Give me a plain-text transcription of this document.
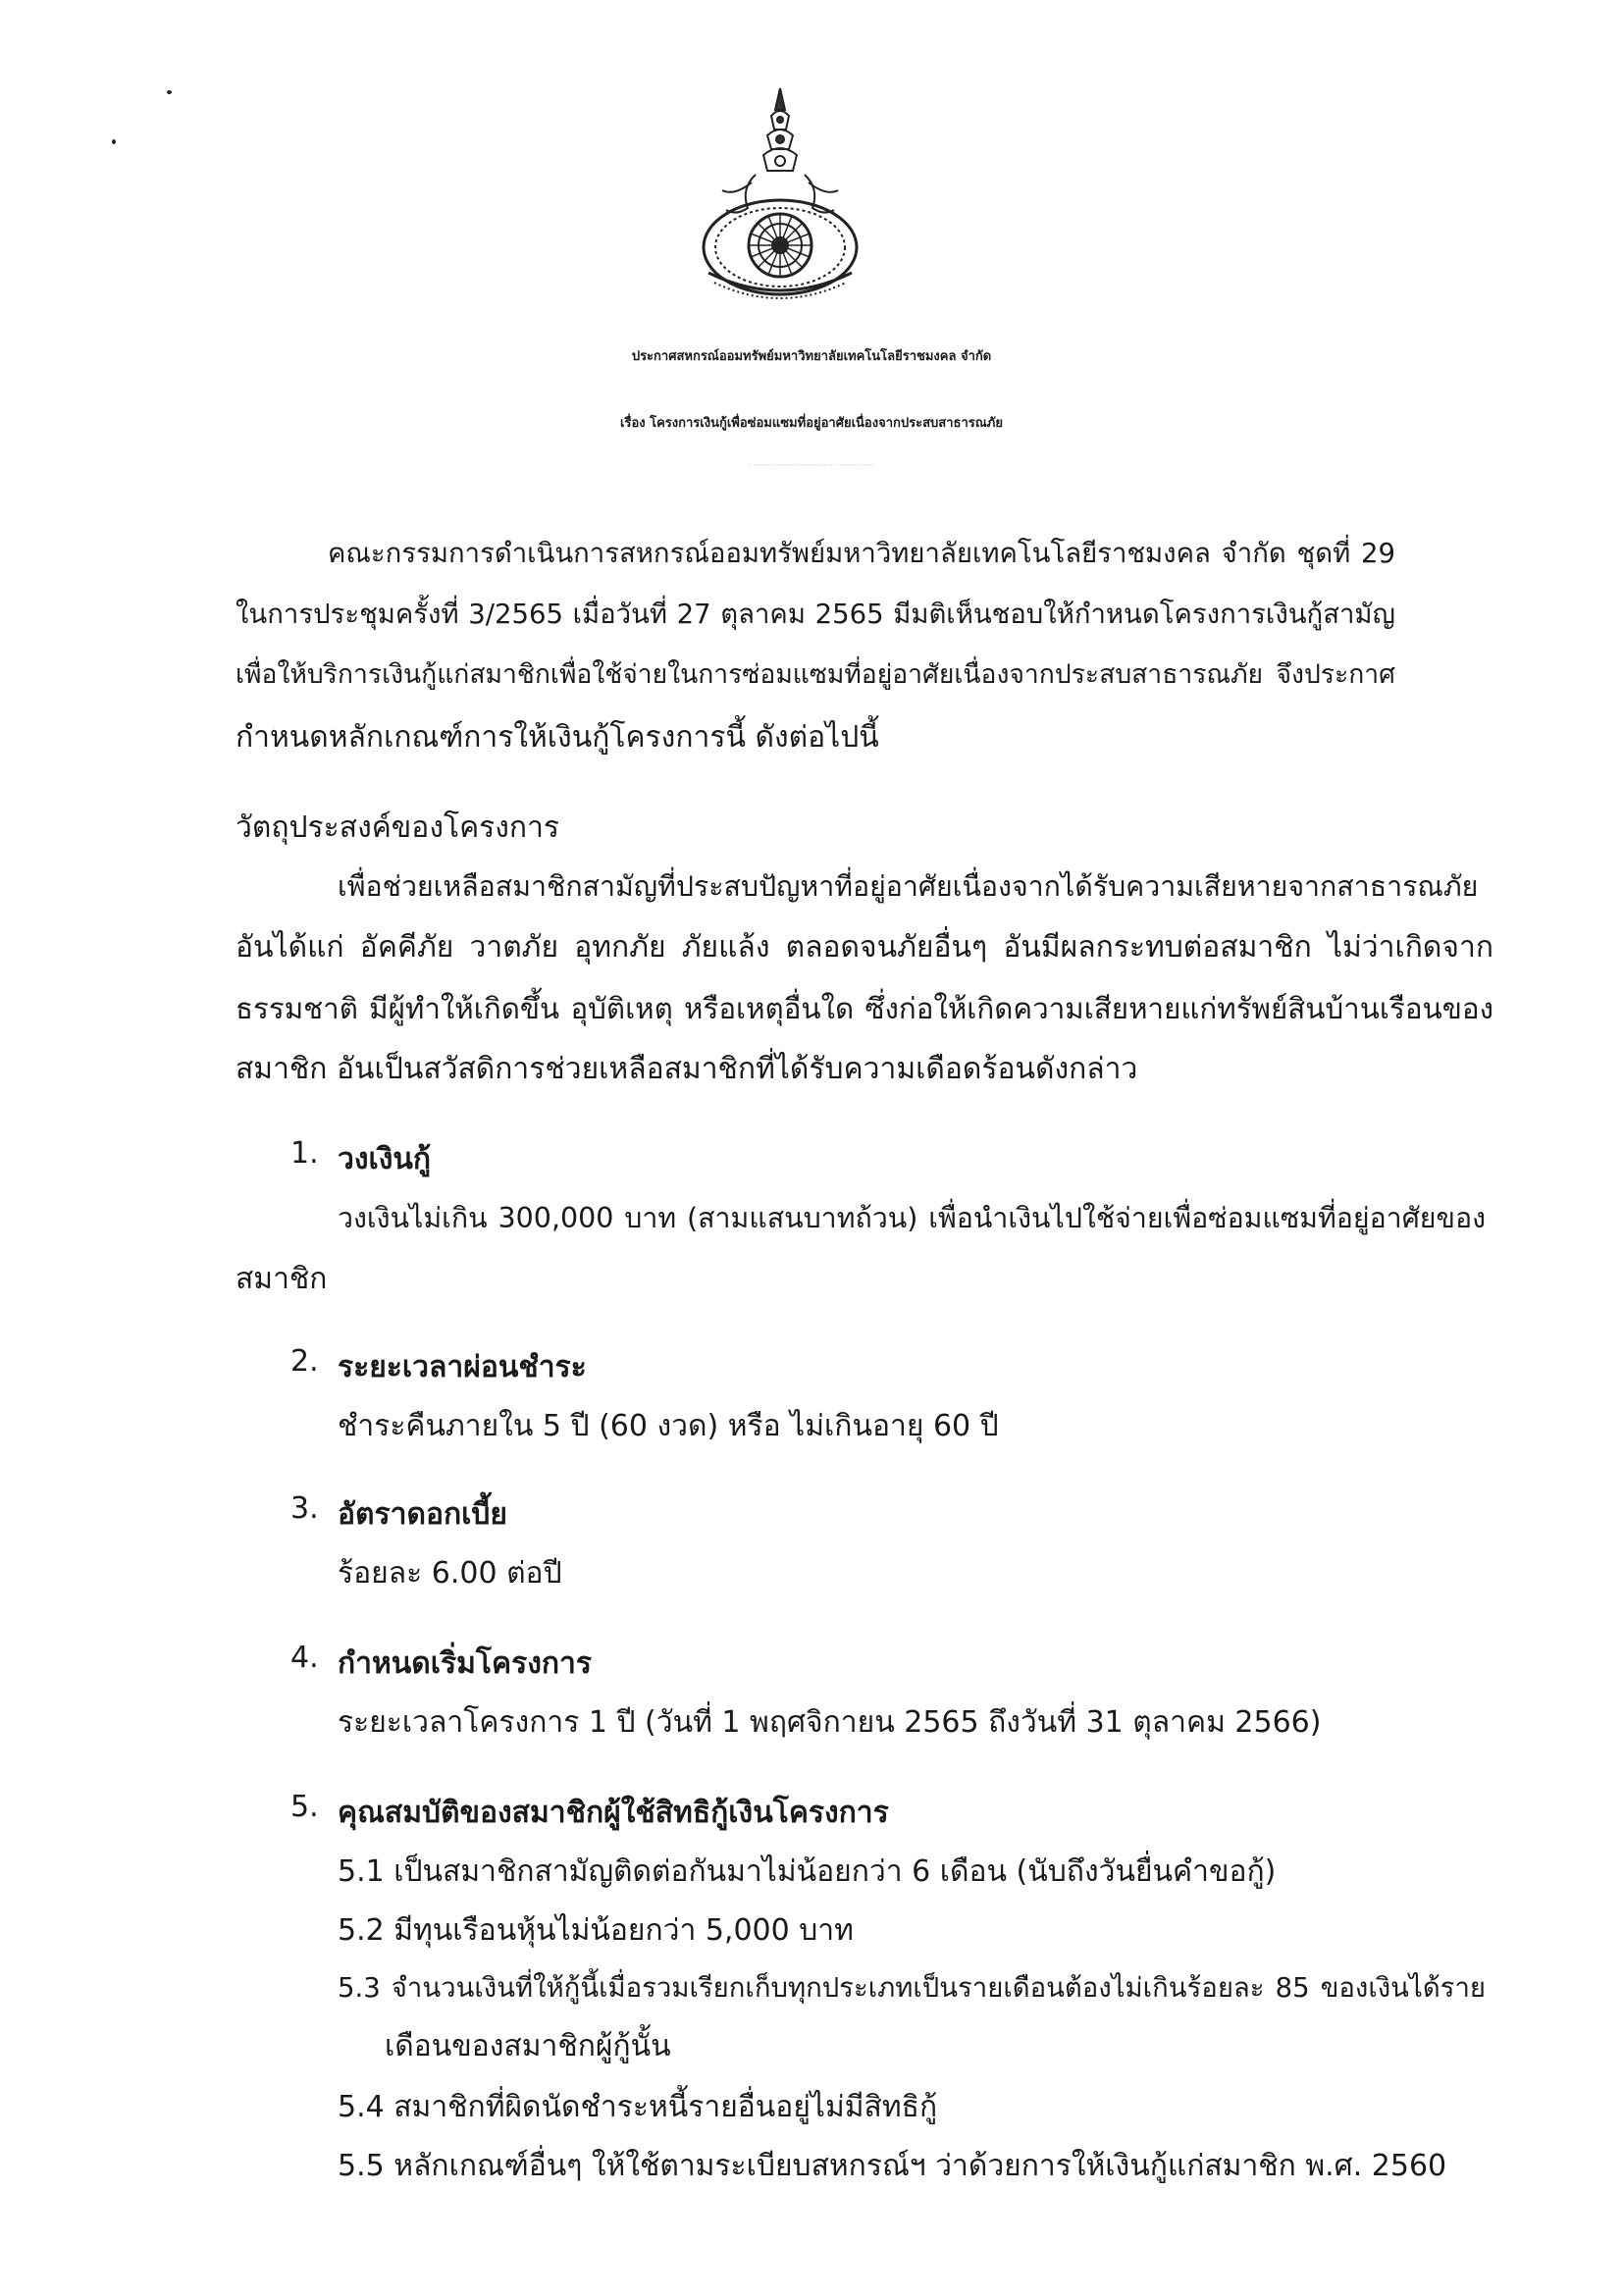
ประกาศสหกรณ์ออมทรัพย์มหาวิทยาลัยเทคโนโลยีราชมงคล จำกัด
เรื่อง โครงการเงินกู้เพื่อซ่อมแซมที่อยู่อาศัยเนื่องจากประสบสาธารณภัย
**********************************************************
คณะกรรมการดำเนินการสหกรณ์ออมทรัพย์มหาวิทยาลัยเทคโนโลยีราชมงคล จำกัด ชุดที่ 29
ในการประชุมครั้งที่ 3/2565 เมื่อวันที่ 27 ตุลาคม 2565 มีมติเห็นชอบให้กำหนดโครงการเงินกู้สามัญ
เพื่อให้บริการเงินกู้แก่สมาชิกเพื่อใช้จ่ายในการซ่อมแซมที่อยู่อาศัยเนื่องจากประสบสาธารณภัย จึงประกาศ
กำหนดหลักเกณฑ์การให้เงินกู้โครงการนี้ ดังต่อไปนี้
วัตถุประสงค์ของโครงการ
เพื่อช่วยเหลือสมาชิกสามัญที่ประสบปัญหาที่อยู่อาศัยเนื่องจากได้รับความเสียหายจากสาธารณภัย
อันได้แก่ อัคคีภัย วาตภัย อุทกภัย ภัยแล้ง ตลอดจนภัยอื่นๆ อันมีผลกระทบต่อสมาชิก ไม่ว่าเกิดจาก
ธรรมชาติ มีผู้ทำให้เกิดขึ้น อุบัติเหตุ หรือเหตุอื่นใด ซึ่งก่อให้เกิดความเสียหายแก่ทรัพย์สินบ้านเรือนของ
สมาชิก อันเป็นสวัสดิการช่วยเหลือสมาชิกที่ได้รับความเดือดร้อนดังกล่าว
1. วงเงินกู้
วงเงินไม่เกิน 300,000 บาท (สามแสนบาทถ้วน) เพื่อนำเงินไปใช้จ่ายเพื่อซ่อมแซมที่อยู่อาศัยของ
สมาชิก
2. ระยะเวลาผ่อนชำระ
ชำระคืนภายใน 5 ปี (60 งวด) หรือ ไม่เกินอายุ 60 ปี
3. อัตราดอกเบี้ย
ร้อยละ 6.00 ต่อปี
4. กำหนดเริ่มโครงการ
ระยะเวลาโครงการ 1 ปี (วันที่ 1 พฤศจิกายน 2565 ถึงวันที่ 31 ตุลาคม 2566)
5. คุณสมบัติของสมาชิกผู้ใช้สิทธิกู้เงินโครงการ
5.1 เป็นสมาชิกสามัญติดต่อกันมาไม่น้อยกว่า 6 เดือน (นับถึงวันยื่นคำขอกู้)
5.2 มีทุนเรือนหุ้นไม่น้อยกว่า 5,000 บาท
5.3 จำนวนเงินที่ให้กู้นี้เมื่อรวมเรียกเก็บทุกประเภทเป็นรายเดือนต้องไม่เกินร้อยละ 85 ของเงินได้ราย
เดือนของสมาชิกผู้กู้นั้น
5.4 สมาชิกที่ผิดนัดชำระหนี้รายอื่นอยู่ไม่มีสิทธิกู้
5.5 หลักเกณฑ์อื่นๆ ให้ใช้ตามระเบียบสหกรณ์ฯ ว่าด้วยการให้เงินกู้แก่สมาชิก พ.ศ. 2560
